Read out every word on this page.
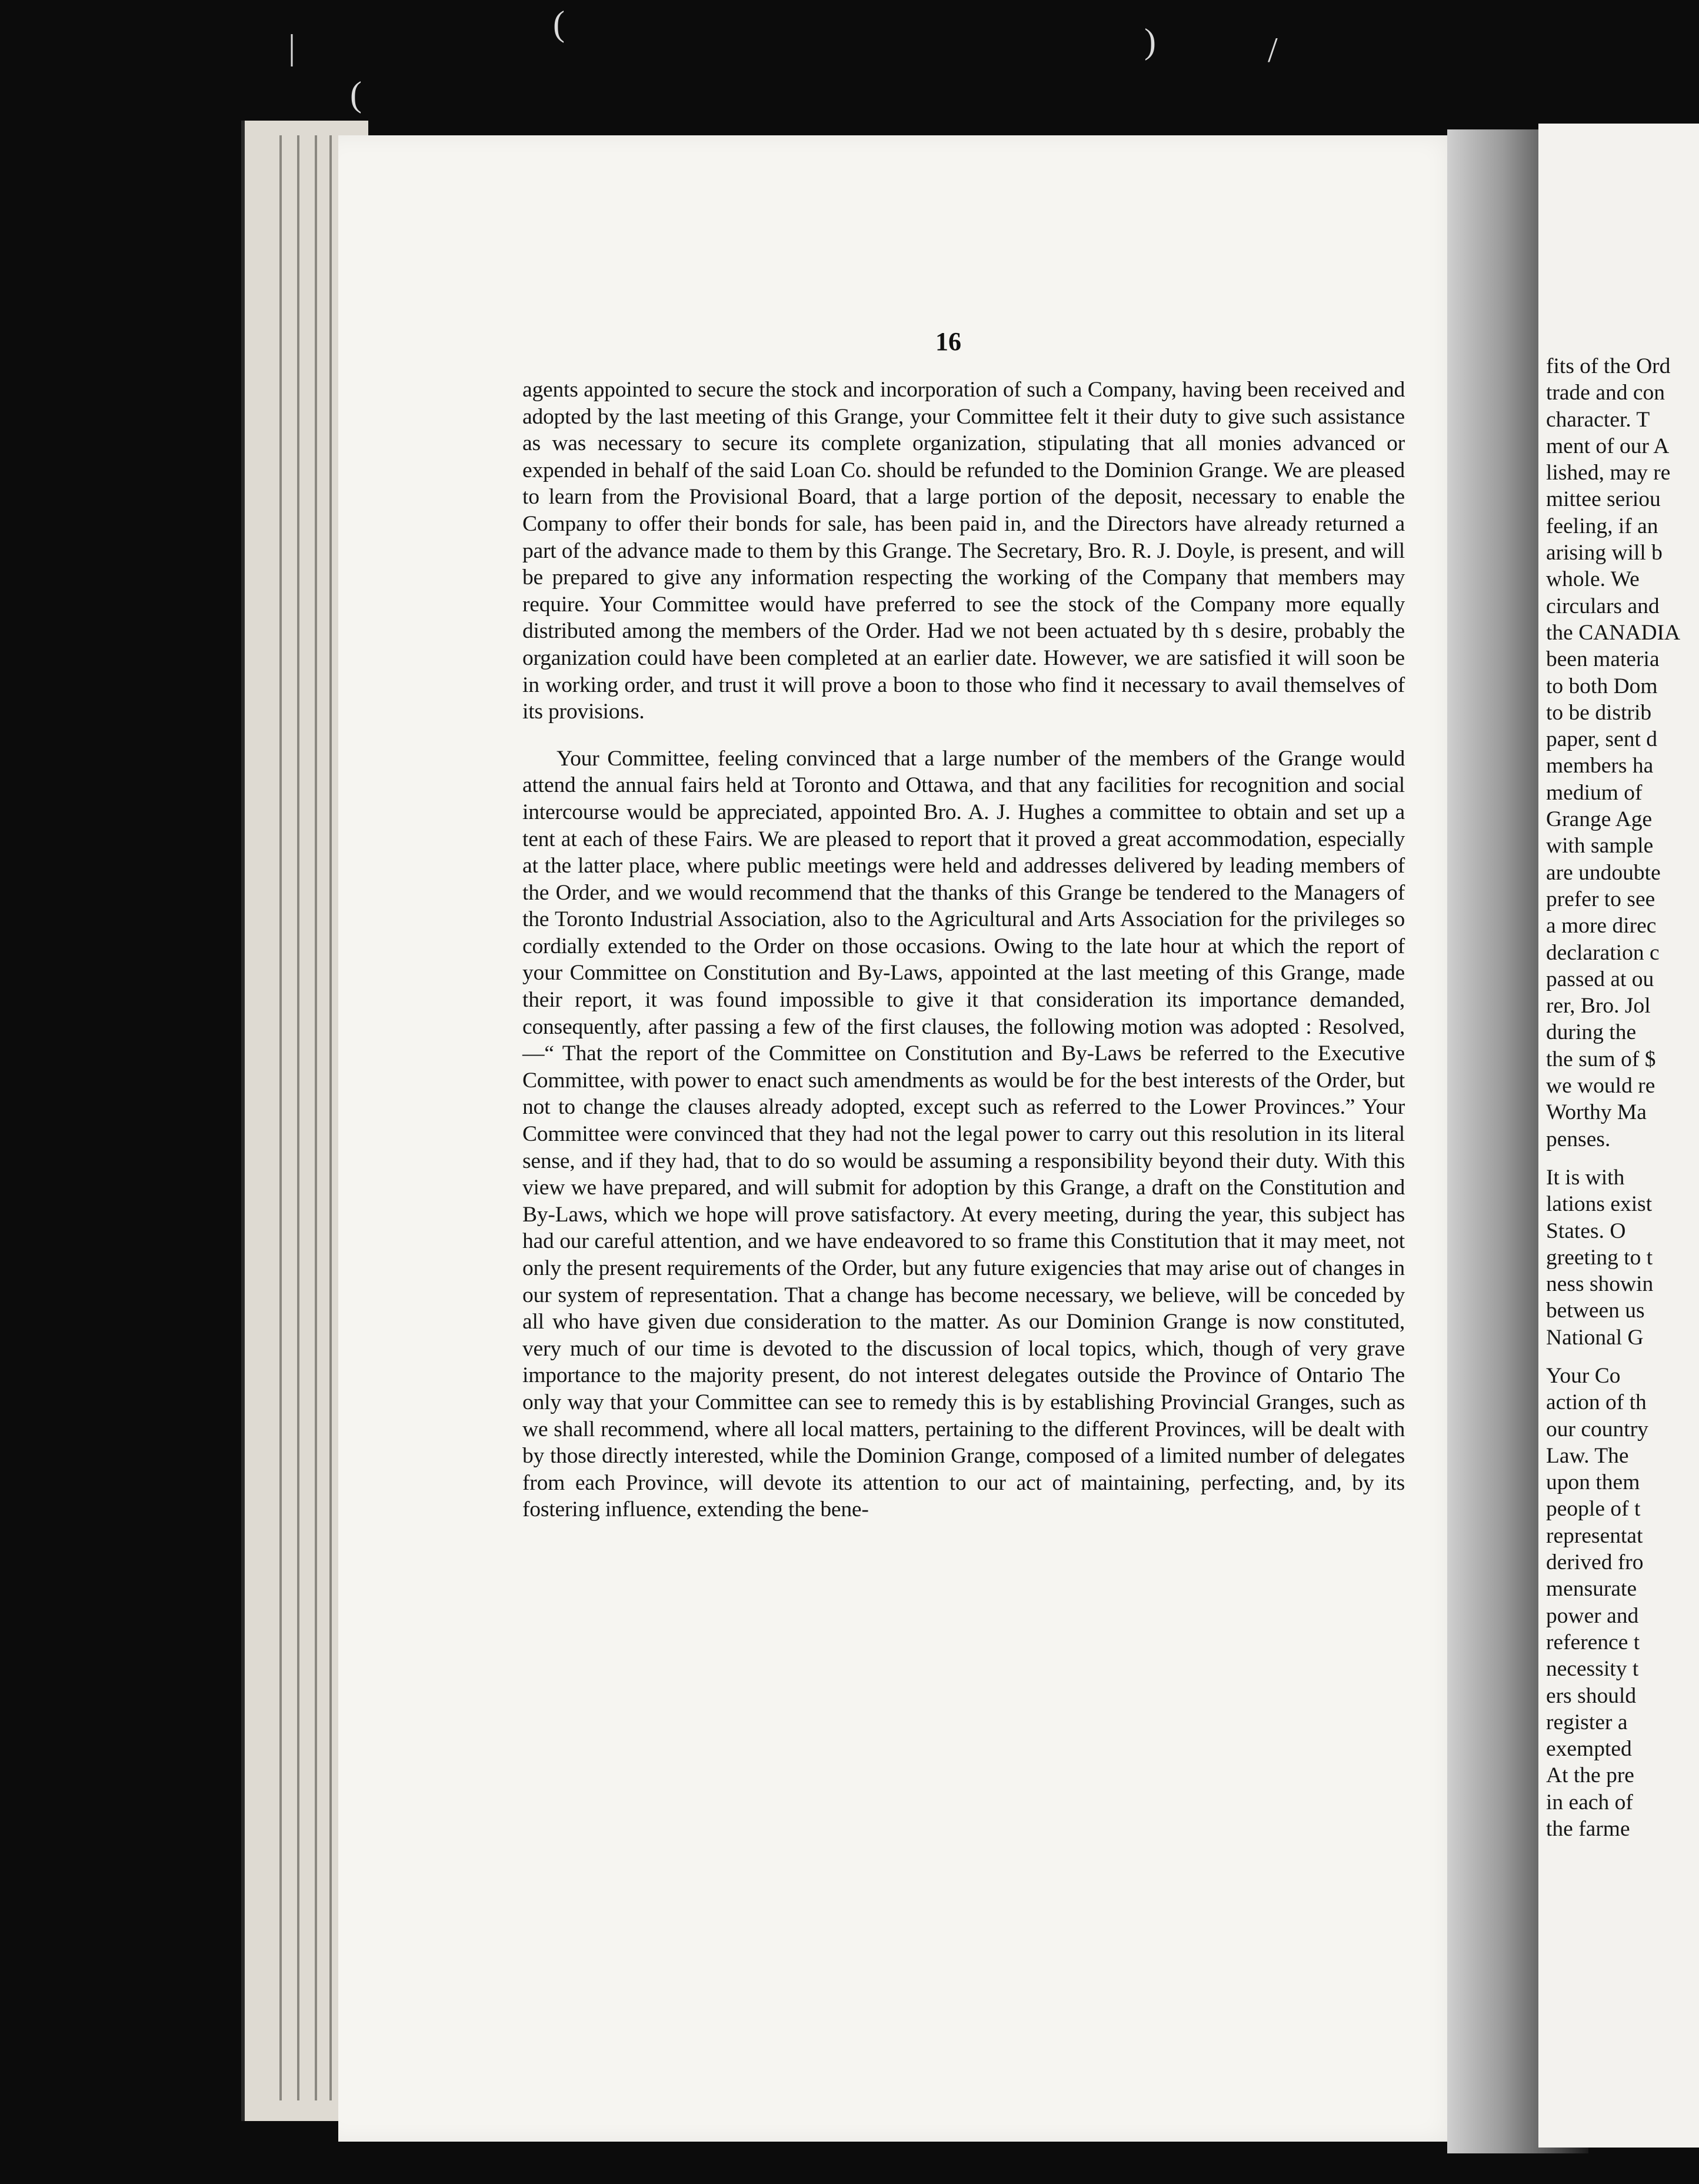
(
|
(
)	/
16

agents appointed to secure the stock and incorporation of such a Company, having been received and adopted by the last meeting of this Grange, your Committee felt it their duty to give such assistance as was necessary to secure its complete organization, stipulating that all monies advanced or expended in behalf of the said Loan Co. should be refunded to the Dominion Grange. We are pleased to learn from the Provisional Board, that a large portion of the deposit, necessary to enable the Company to offer their bonds for sale, has been paid in, and the Directors have already returned a part of the advance made to them by this Grange. The Secretary, Bro. R. J. Doyle, is present, and will be prepared to give any information respecting the working of the Company that members may require. Your Committee would have preferred to see the stock of the Company more equally distributed among the members of the Order. Had we not been actuated by th s desire, probably the organization could have been completed at an earlier date. However, we are satisfied it will soon be in working order, and trust it will prove a boon to those who find it necessary to avail themselves of its provisions.

Your Committee, feeling convinced that a large number of the members of the Grange would attend the annual fairs held at Toronto and Ottawa, and that any facilities for recognition and social intercourse would be appreciated, appointed Bro. A. J. Hughes a committee to obtain and set up a tent at each of these Fairs. We are pleased to report that it proved a great accommodation, especially at the latter place, where public meetings were held and addresses delivered by leading members of the Order, and we would recommend that the thanks of this Grange be tendered to the Managers of the Toronto Industrial Association, also to the Agricultural and Arts Association for the privileges so cordially extended to the Order on those occasions. Owing to the late hour at which the report of your Committee on Constitution and By-Laws, appointed at the last meeting of this Grange, made their report, it was found impossible to give it that consideration its importance demanded, consequently, after passing a few of the first clauses, the following motion was adopted : Resolved, —“ That the report of the Committee on Constitution and By-Laws be referred to the Executive Committee, with power to enact such amendments as would be for the best interests of the Order, but not to change the clauses already adopted, except such as referred to the Lower Provinces.” Your Committee were convinced that they had not the legal power to carry out this resolution in its literal sense, and if they had, that to do so would be assuming a responsibility beyond their duty. With this view we have prepared, and will submit for adoption by this Grange, a draft on the Constitution and By-Laws, which we hope will prove satisfactory. At every meeting, during the year, this subject has had our careful attention, and we have endeavored to so frame this Constitution that it may meet, not only the present requirements of the Order, but any future exigencies that may arise out of changes in our system of representation. That a change has become necessary, we believe, will be conceded by all who have given due consideration to the matter. As our Dominion Grange is now constituted, very much of our time is devoted to the discussion of local topics, which, though of very grave importance to the majority present, do not interest delegates outside the Province of Ontario The only way that your Committee can see to remedy this is by establishing Provincial Granges, such as we shall recommend, where all local matters, pertaining to the different Provinces, will be dealt with by those directly interested, while the Dominion Grange, composed of a limited number of delegates from each Province, will devote its attention to our act of maintaining, perfecting, and, by its fostering influence, extending the bene-

fits of the Ord
trade and con
character. T
ment of our A
lished, may re
mittee seriou
feeling, if an
arising will b
whole. We
circulars and
the CANADIA
been materia
to both Dom
to be distrib
paper, sent d
members ha
medium of
Grange Age
with sample
are undoubte
prefer to see
a more direc
declaration c
passed at ou
rer, Bro. Jol
during the
the sum of $
we would re
Worthy Ma
penses.
It is with
lations exist
States. O
greeting to t
ness showin
between us
National G
Your Co
action of th
our country
Law. The
upon them
people of t
representat
derived fro
mensurate
power and
reference t
necessity t
ers should
register a
exempted
At the pre
in each of
the farme
